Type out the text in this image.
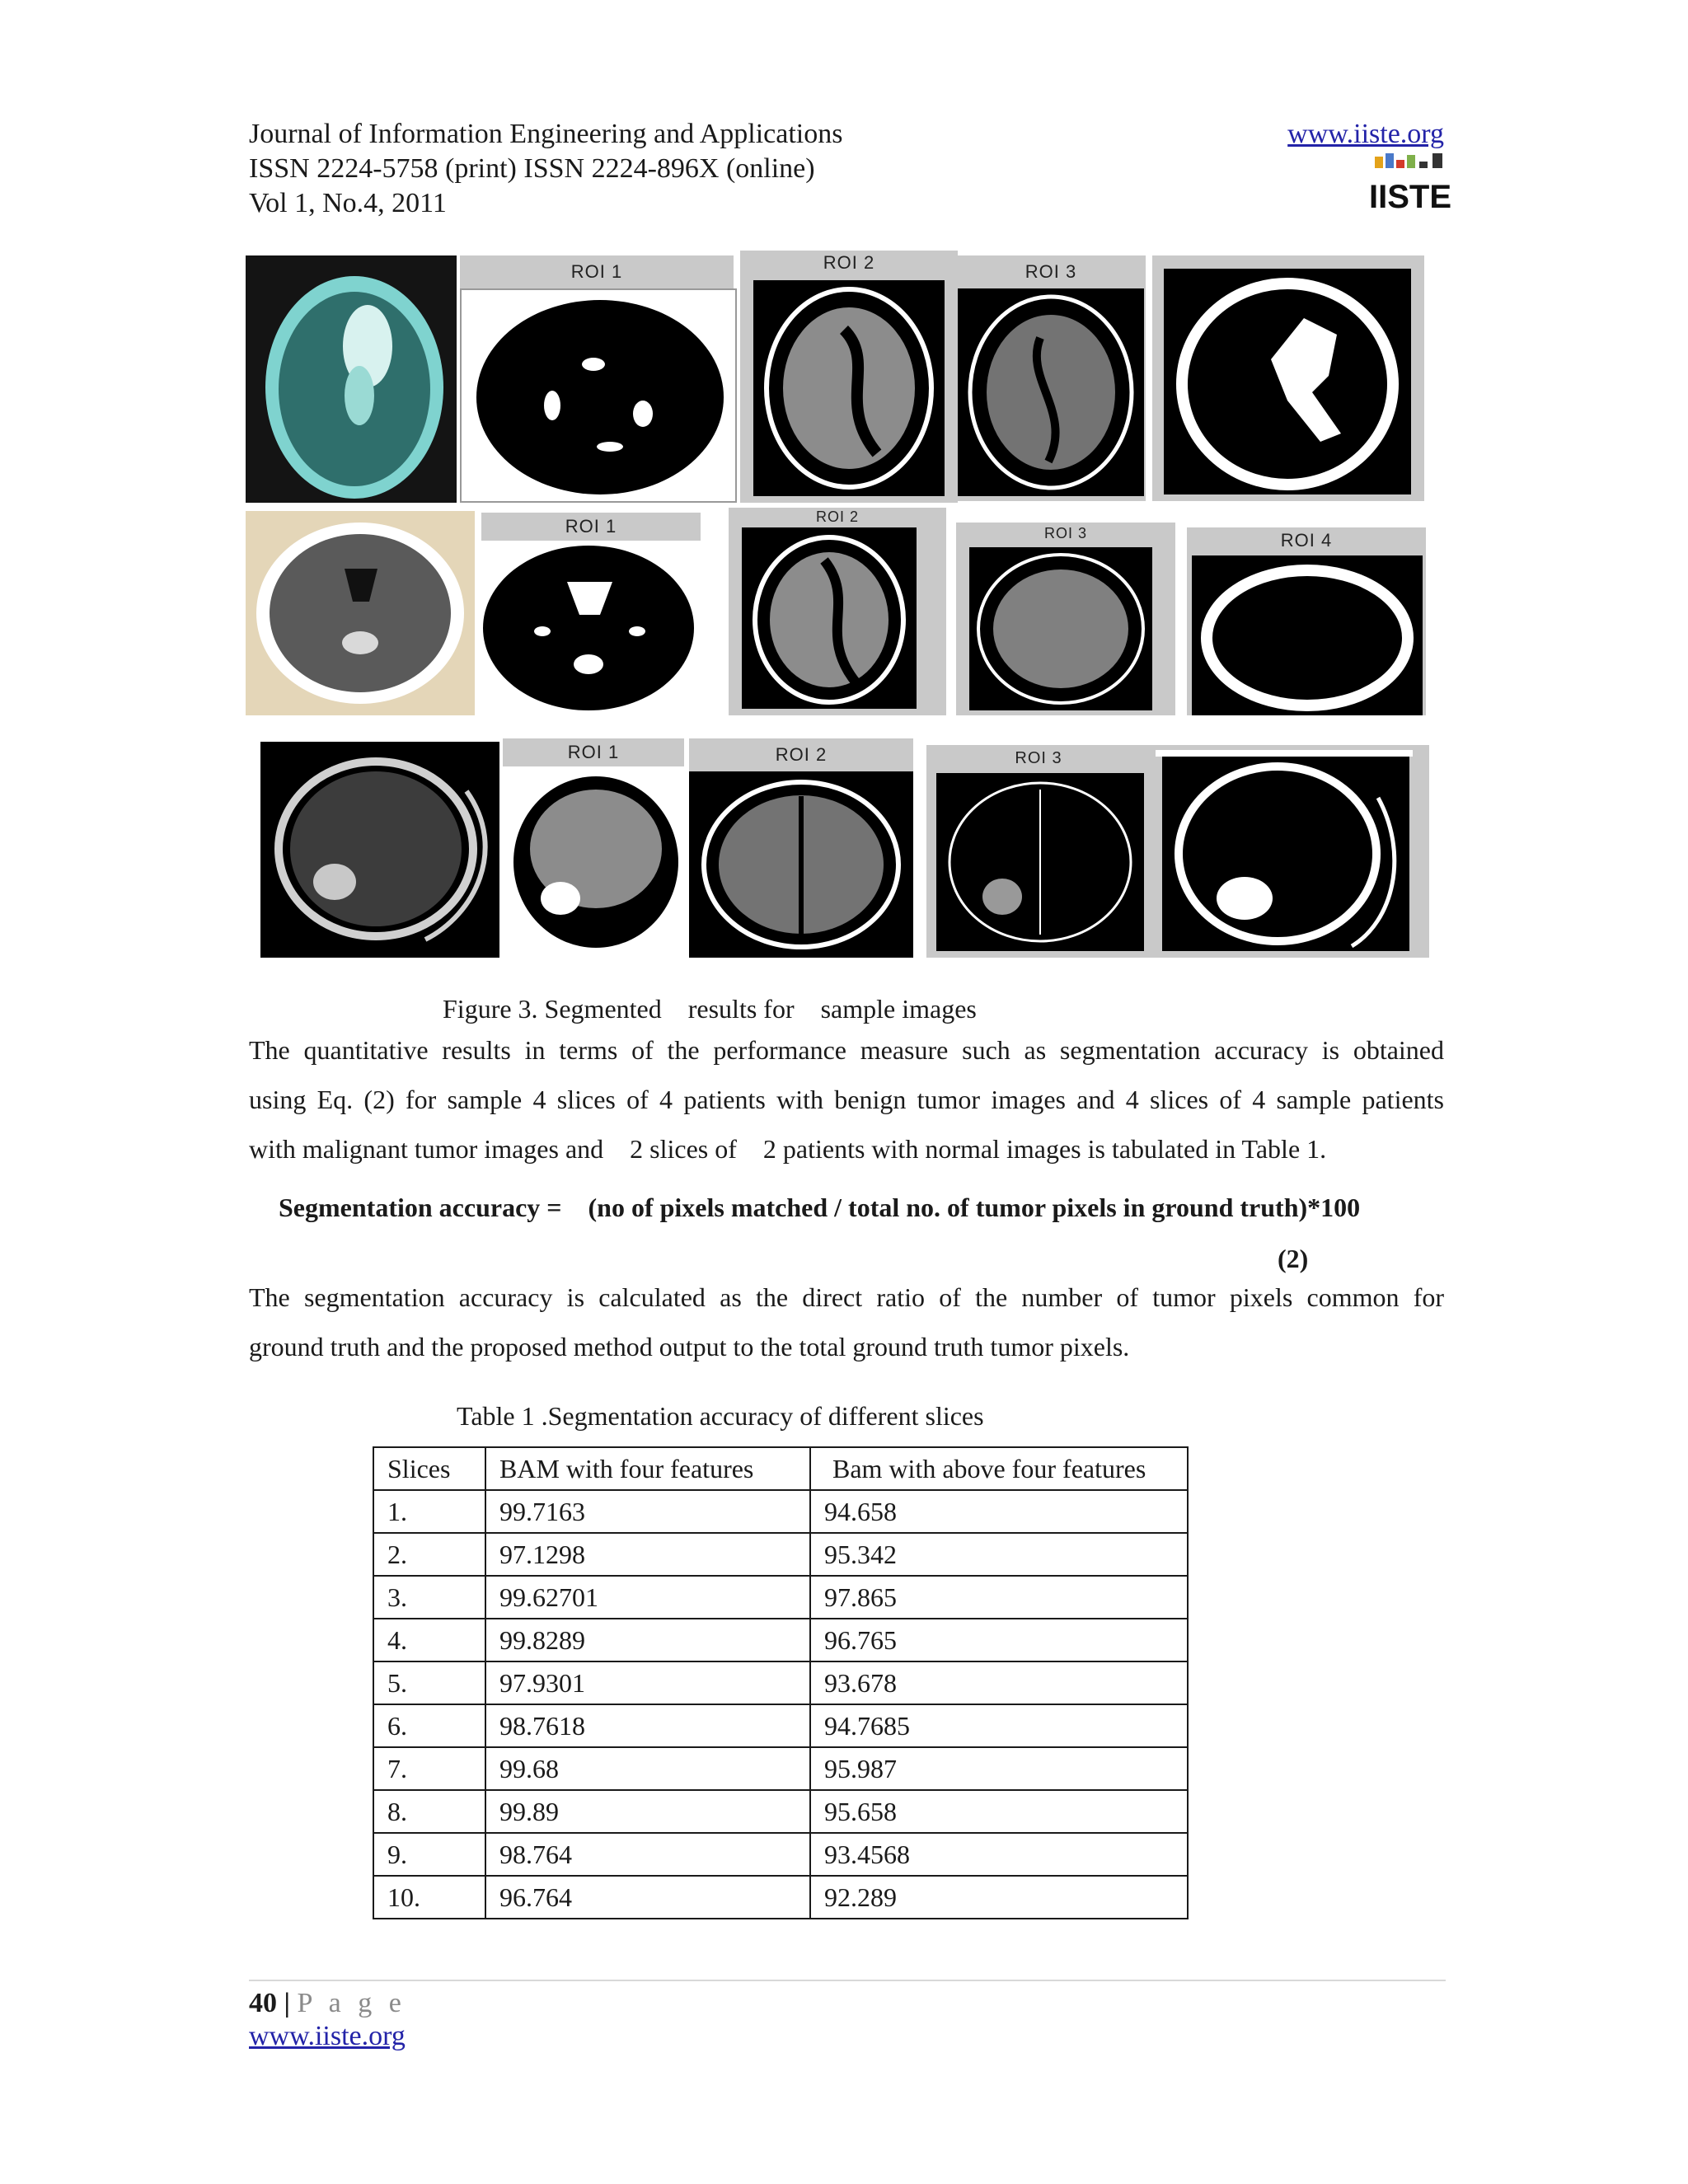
Journal of Information Engineering and Applications
ISSN 2224-5758 (print) ISSN 2224-896X (online)
Vol 1, No.4, 2011
www.iiste.org
IISTE
ROI 1	ROI 2	ROI 3
ROI 1	ROI 2
ROI 3	ROI 4
ROI 1	ROI 2	ROI 3
Figure 3. Segmented    results for    sample images
The quantitative results in terms of the performance measure such as segmentation accuracy is obtained
using Eq. (2) for sample 4 slices of 4 patients with benign tumor images and 4 slices of 4 sample patients
with malignant tumor images and    2 slices of    2 patients with normal images is tabulated in Table 1.
Segmentation accuracy =    (no of pixels matched / total no. of tumor pixels in ground truth)*100
(2)
The segmentation accuracy is calculated as the direct ratio of the number of tumor pixels common for
ground truth and the proposed method output to the total ground truth tumor pixels.
Table 1 .Segmentation accuracy of different slices
Slices	BAM with four features	Bam with above four features
1.	99.7163	94.658
2.	97.1298	95.342
3.	99.62701	97.865
4.	99.8289	96.765
5.	97.9301	93.678
6.	98.7618	94.7685
7.	99.68	95.987
8.	99.89	95.658
9.	98.764	93.4568
10.	96.764	92.289
40 | P a g e
www.iiste.org
